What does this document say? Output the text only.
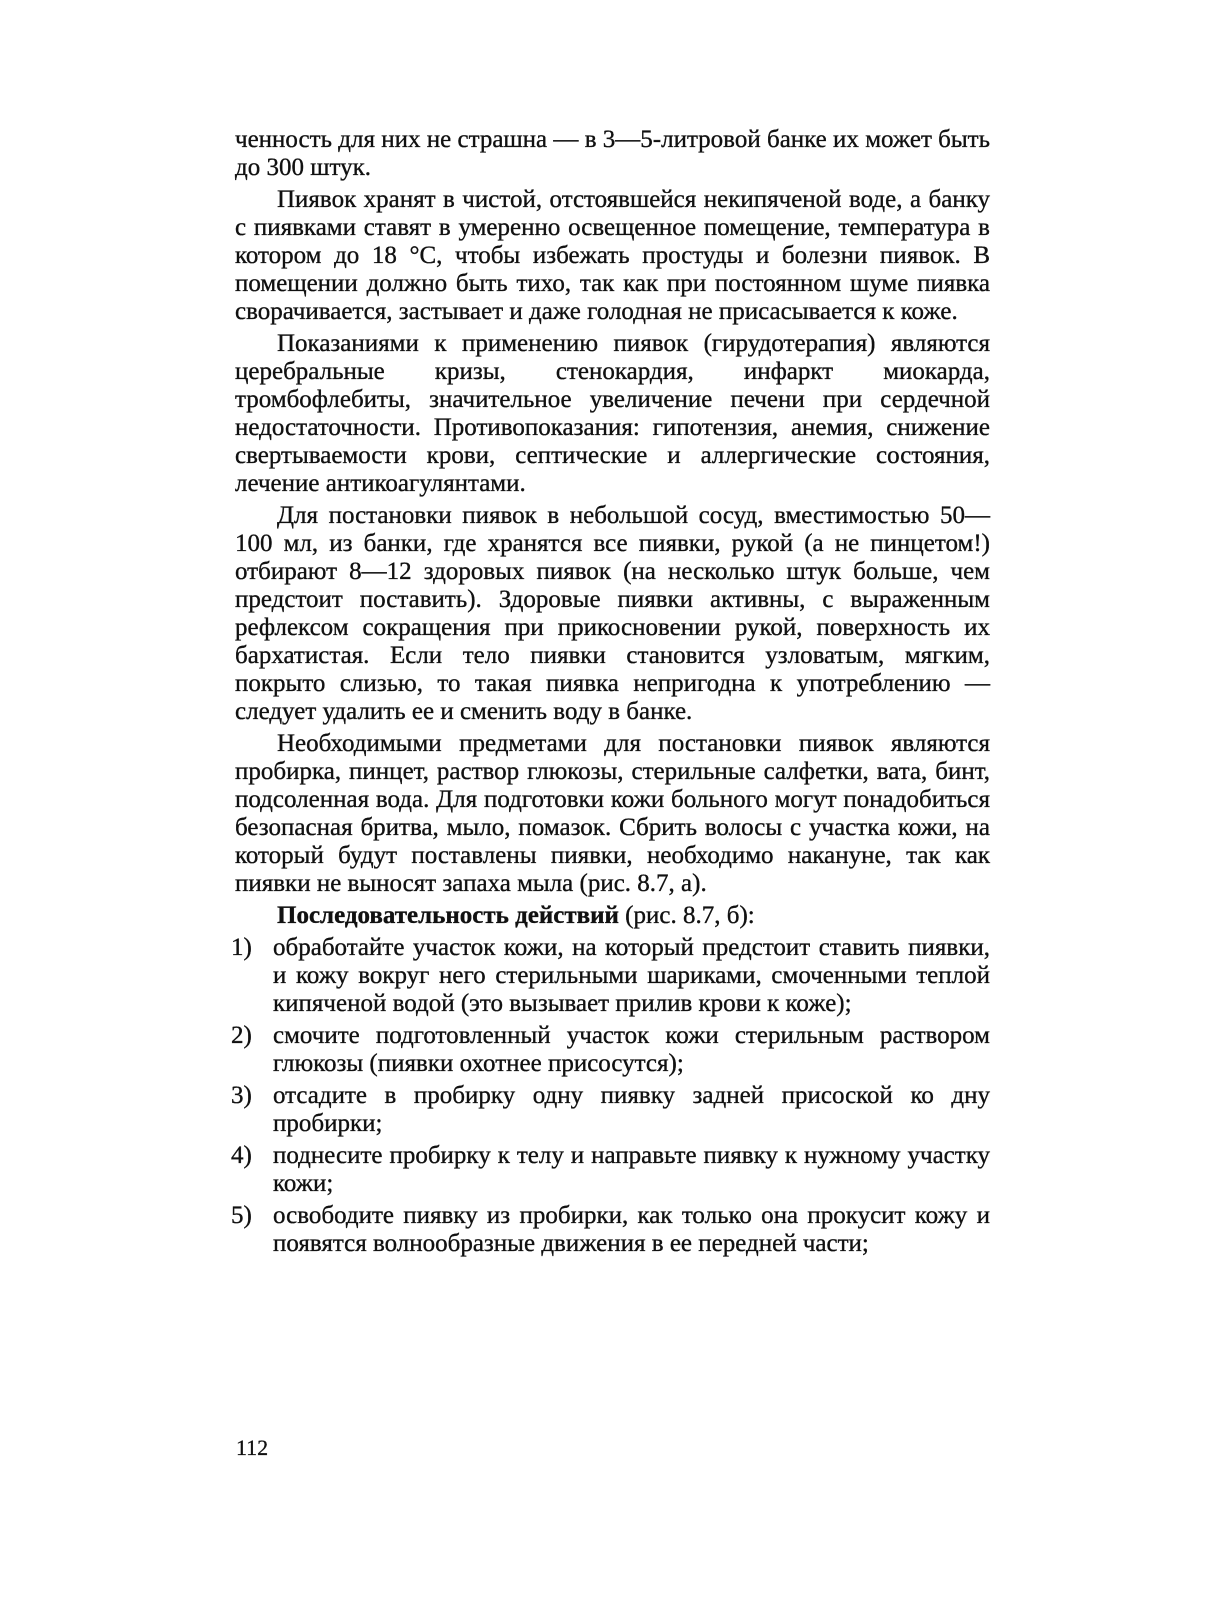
ченность для них не страшна — в 3—5-литровой банке их может быть до 300 штук.

Пиявок хранят в чистой, отстоявшейся некипяченой воде, а банку с пиявками ставят в умеренно освещенное помещение, температура в котором до 18 °С, чтобы избежать простуды и болезни пиявок. В помещении должно быть тихо, так как при постоянном шуме пиявка сворачивается, застывает и даже голодная не присасывается к коже.

Показаниями к применению пиявок (гирудотерапия) являются церебральные кризы, стенокардия, инфаркт миокарда, тромбофлебиты, значительное увеличение печени при сердечной недостаточности. Противопоказания: гипотензия, анемия, снижение свертываемости крови, септические и аллергические состояния, лечение антикоагулянтами.

Для постановки пиявок в небольшой сосуд, вместимостью 50—100 мл, из банки, где хранятся все пиявки, рукой (а не пинцетом!) отбирают 8—12 здоровых пиявок (на несколько штук больше, чем предстоит поставить). Здоровые пиявки активны, с выраженным рефлексом сокращения при прикосновении рукой, поверхность их бархатистая. Если тело пиявки становится узловатым, мягким, покрыто слизью, то такая пиявка непригодна к употреблению — следует удалить ее и сменить воду в банке.

Необходимыми предметами для постановки пиявок являются пробирка, пинцет, раствор глюкозы, стерильные салфетки, вата, бинт, подсоленная вода. Для подготовки кожи больного могут понадобиться безопасная бритва, мыло, помазок. Сбрить волосы с участка кожи, на который будут поставлены пиявки, необходимо накануне, так как пиявки не выносят запаха мыла (рис. 8.7, а).

Последовательность действий (рис. 8.7, б):

1) обработайте участок кожи, на который предстоит ставить пиявки, и кожу вокруг него стерильными шариками, смоченными теплой кипяченой водой (это вызывает прилив крови к коже);
2) смочите подготовленный участок кожи стерильным раствором глюкозы (пиявки охотнее присосутся);
3) отсадите в пробирку одну пиявку задней присоской ко дну пробирки;
4) поднесите пробирку к телу и направьте пиявку к нужному участку кожи;
5) освободите пиявку из пробирки, как только она прокусит кожу и появятся волнообразные движения в ее передней части;
112
